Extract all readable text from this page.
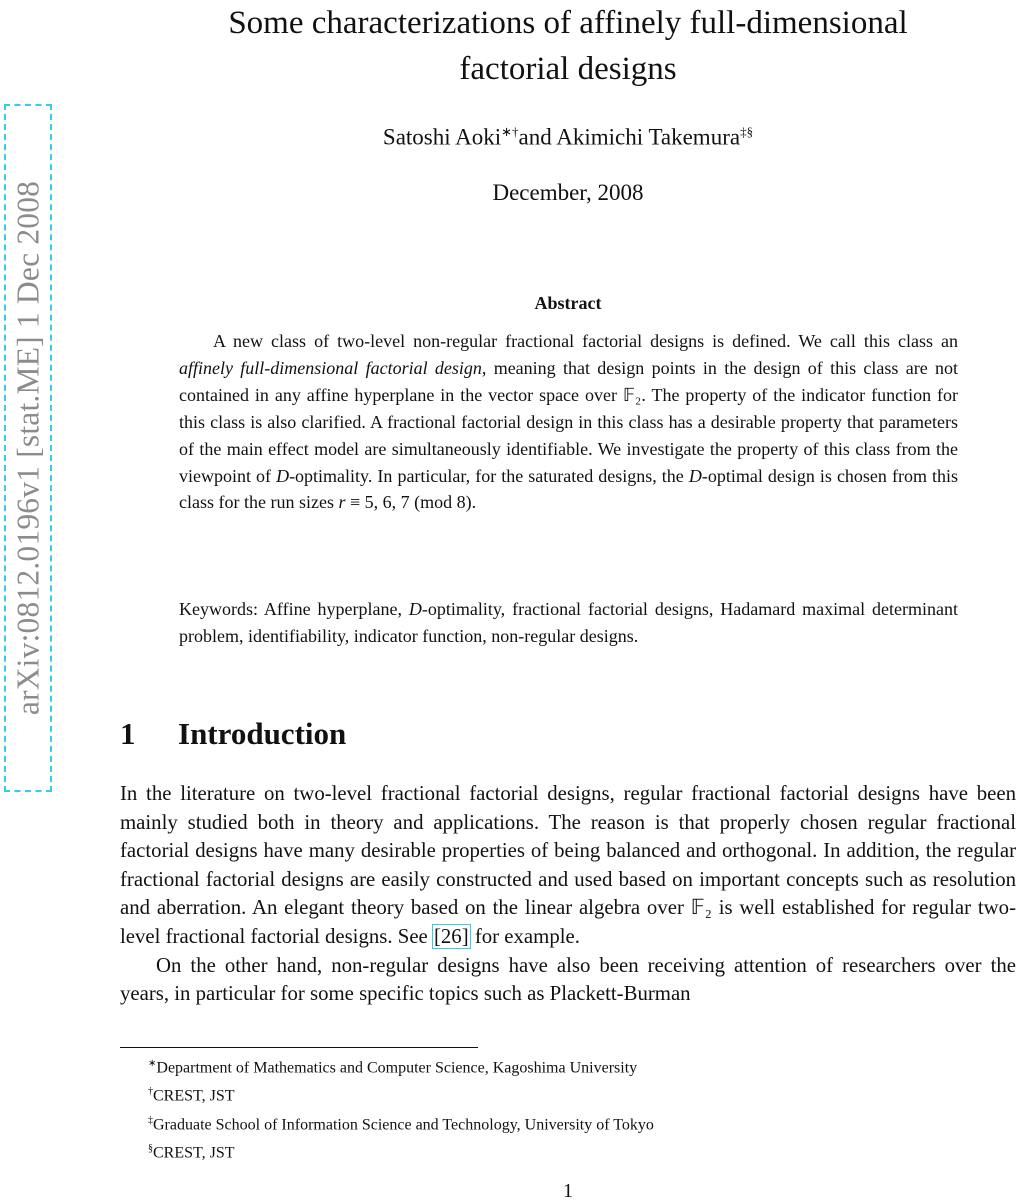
arXiv:0812.0196v1 [stat.ME] 1 Dec 2008
Some characterizations of affinely full-dimensional
factorial designs
Satoshi Aoki∗†and Akimichi Takemura‡§
December, 2008
Abstract
A new class of two-level non-regular fractional factorial designs is defined. We call this class an affinely full-dimensional factorial design, meaning that design points in the design of this class are not contained in any affine hyperplane in the vector space over 𝔽₂. The property of the indicator function for this class is also clarified. A fractional factorial design in this class has a desirable property that parameters of the main effect model are simultaneously identifiable. We investigate the property of this class from the viewpoint of D-optimality. In particular, for the saturated designs, the D-optimal design is chosen from this class for the run sizes r ≡ 5, 6, 7 (mod 8).
Keywords: Affine hyperplane, D-optimality, fractional factorial designs, Hadamard maximal determinant problem, identifiability, indicator function, non-regular designs.
1 Introduction

In the literature on two-level fractional factorial designs, regular fractional factorial designs have been mainly studied both in theory and applications. The reason is that properly chosen regular fractional factorial designs have many desirable properties of being balanced and orthogonal. In addition, the regular fractional factorial designs are easily constructed and used based on important concepts such as resolution and aberration. An elegant theory based on the linear algebra over 𝔽₂ is well established for regular two-level fractional factorial designs. See [26] for example.

On the other hand, non-regular designs have also been receiving attention of researchers over the years, in particular for some specific topics such as Plackett-Burman

∗Department of Mathematics and Computer Science, Kagoshima University
†CREST, JST
‡Graduate School of Information Science and Technology, University of Tokyo
§CREST, JST
1
